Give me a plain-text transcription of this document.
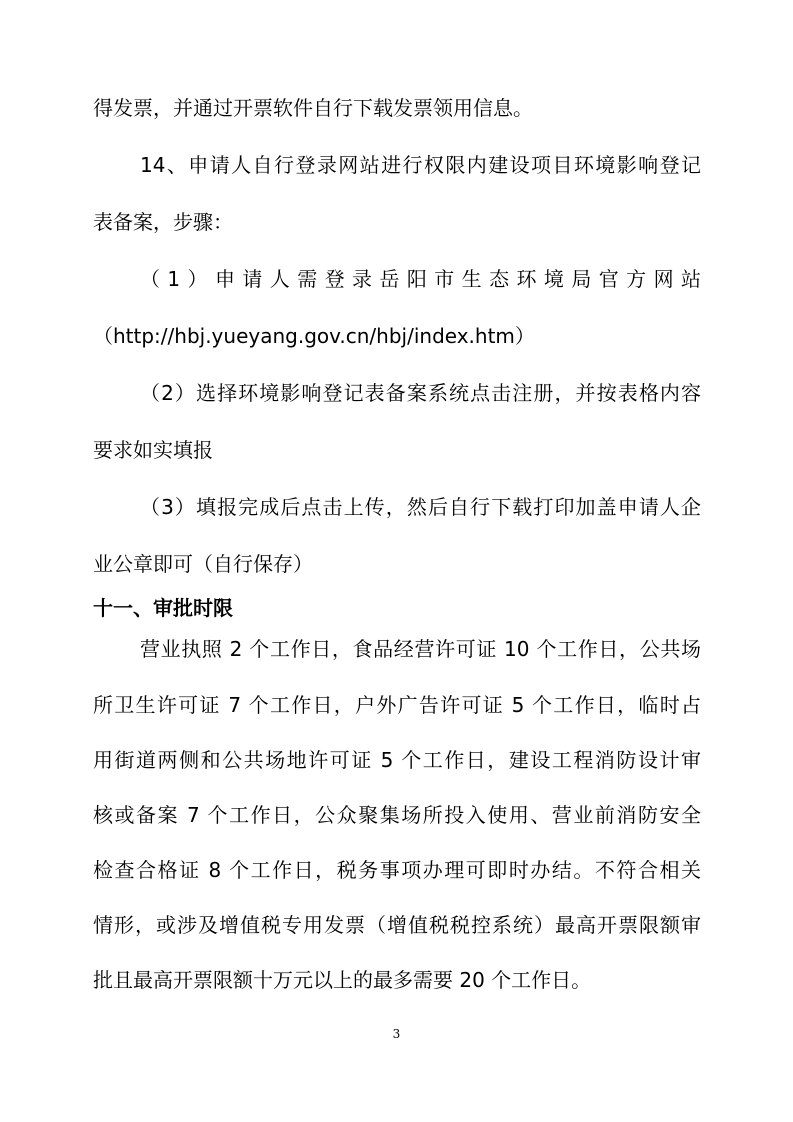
得发票，并通过开票软件自行下载发票领用信息。
14、申请人自行登录网站进行权限内建设项目环境影响登记
表备案，步骤：
（1）申请人需登录岳阳市生态环境局官方网站
（http://hbj.yueyang.gov.cn/hbj/index.htm）
（2）选择环境影响登记表备案系统点击注册，并按表格内容
要求如实填报
（3）填报完成后点击上传，然后自行下载打印加盖申请人企
业公章即可（自行保存）
十一、审批时限
营业执照 2 个工作日，食品经营许可证 10 个工作日，公共场
所卫生许可证 7 个工作日，户外广告许可证 5 个工作日，临时占
用街道两侧和公共场地许可证 5 个工作日，建设工程消防设计审
核或备案 7 个工作日，公众聚集场所投入使用、营业前消防安全
检查合格证 8 个工作日，税务事项办理可即时办结。不符合相关
情形，或涉及增值税专用发票（增值税税控系统）最高开票限额审
批且最高开票限额十万元以上的最多需要 20 个工作日。
3
